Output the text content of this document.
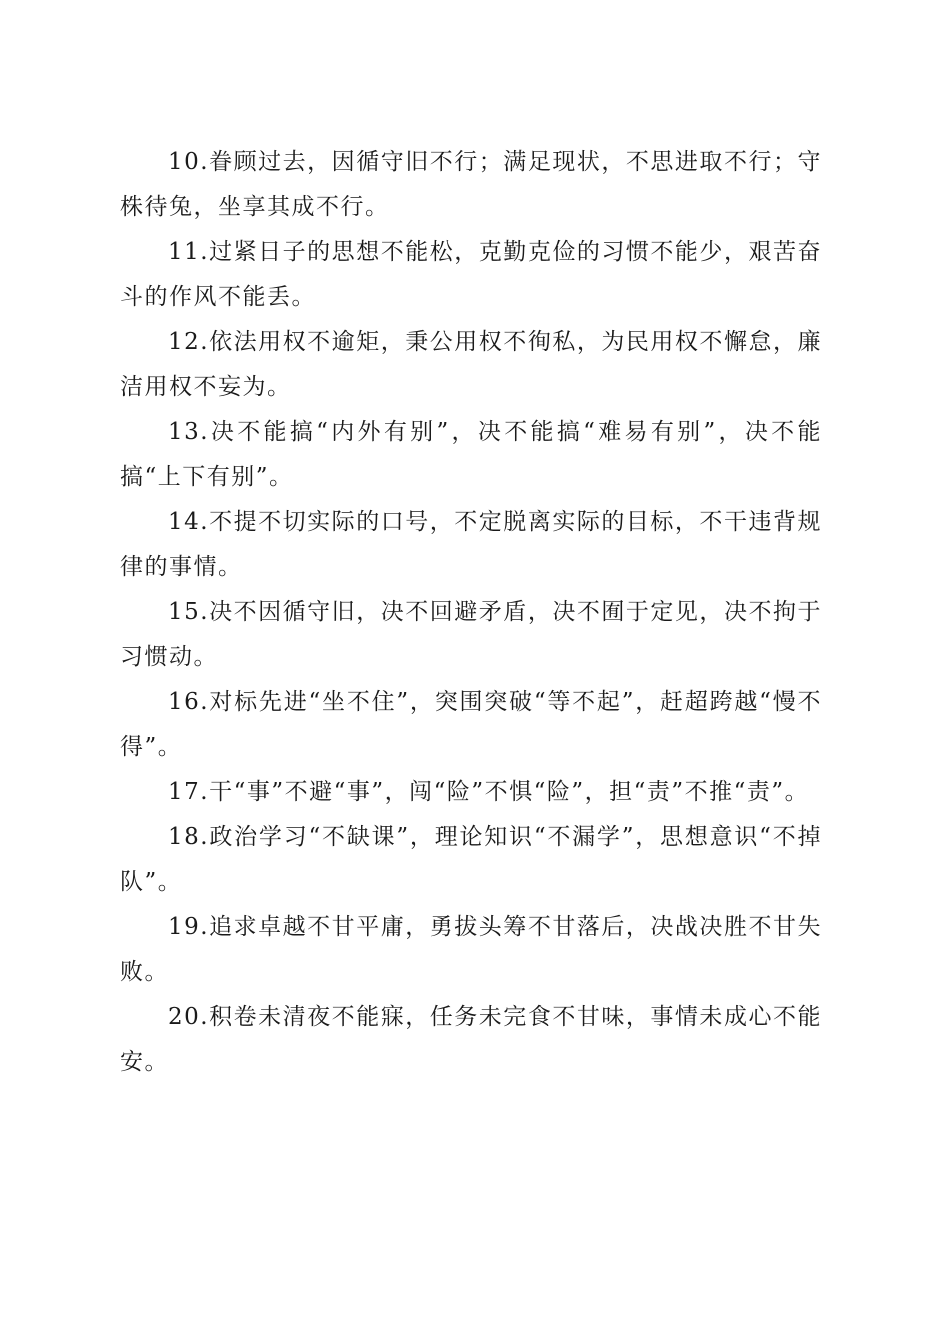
10.眷顾过去，因循守旧不行；满足现状，不思进取不行；守株待兔，坐享其成不行。

11.过紧日子的思想不能松，克勤克俭的习惯不能少，艰苦奋斗的作风不能丢。

12.依法用权不逾矩，秉公用权不徇私，为民用权不懈怠，廉洁用权不妄为。

13.决不能搞“内外有别”，决不能搞“难易有别”，决不能搞“上下有别”。

14.不提不切实际的口号，不定脱离实际的目标，不干违背规律的事情。

15.决不因循守旧，决不回避矛盾，决不囿于定见，决不拘于习惯动。

16.对标先进“坐不住”，突围突破“等不起”，赶超跨越“慢不得”。

17.干“事”不避“事”，闯“险”不惧“险”，担“责”不推“责”。

18.政治学习“不缺课”，理论知识“不漏学”，思想意识“不掉队”。

19.追求卓越不甘平庸，勇拔头筹不甘落后，决战决胜不甘失败。

20.积卷未清夜不能寐，任务未完食不甘味，事情未成心不能安。
